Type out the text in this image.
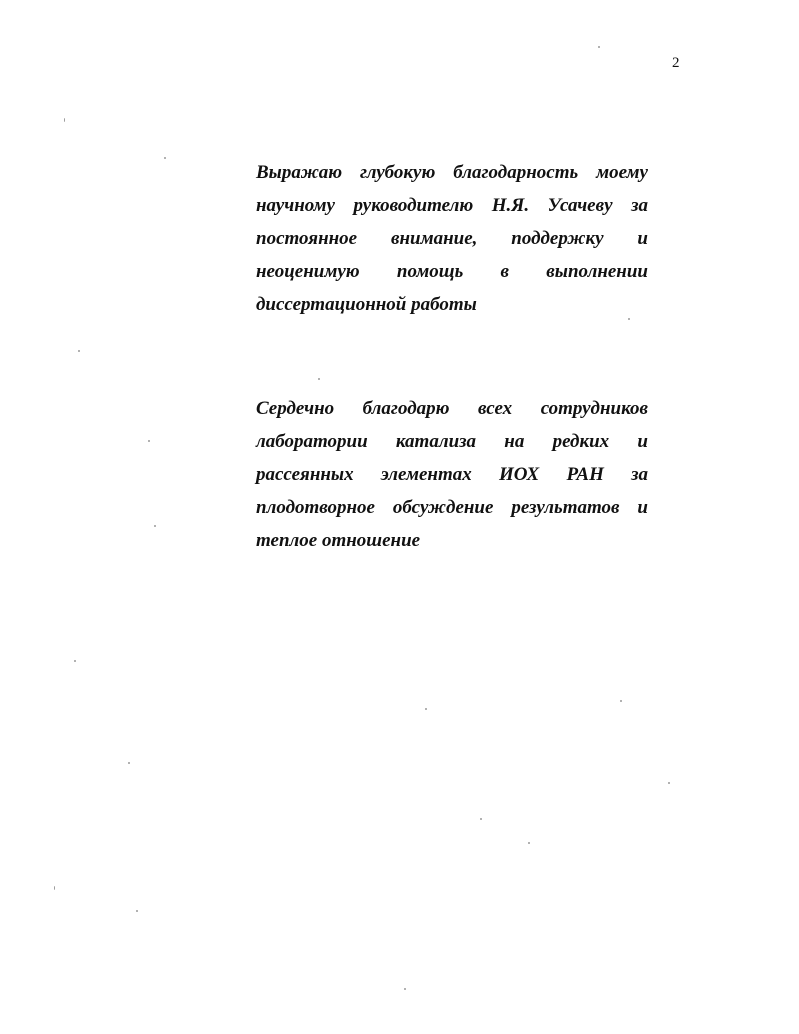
2
Выражаю глубокую благодарность моему
научному руководителю Н.Я. Усачеву за
постоянное внимание, поддержку и
неоценимую помощь в выполнении
диссертационной работы
Сердечно благодарю всех сотрудников
лаборатории катализа на редких и
рассеянных элементах ИОХ РАН за
плодотворное обсуждение результатов и
теплое отношение
